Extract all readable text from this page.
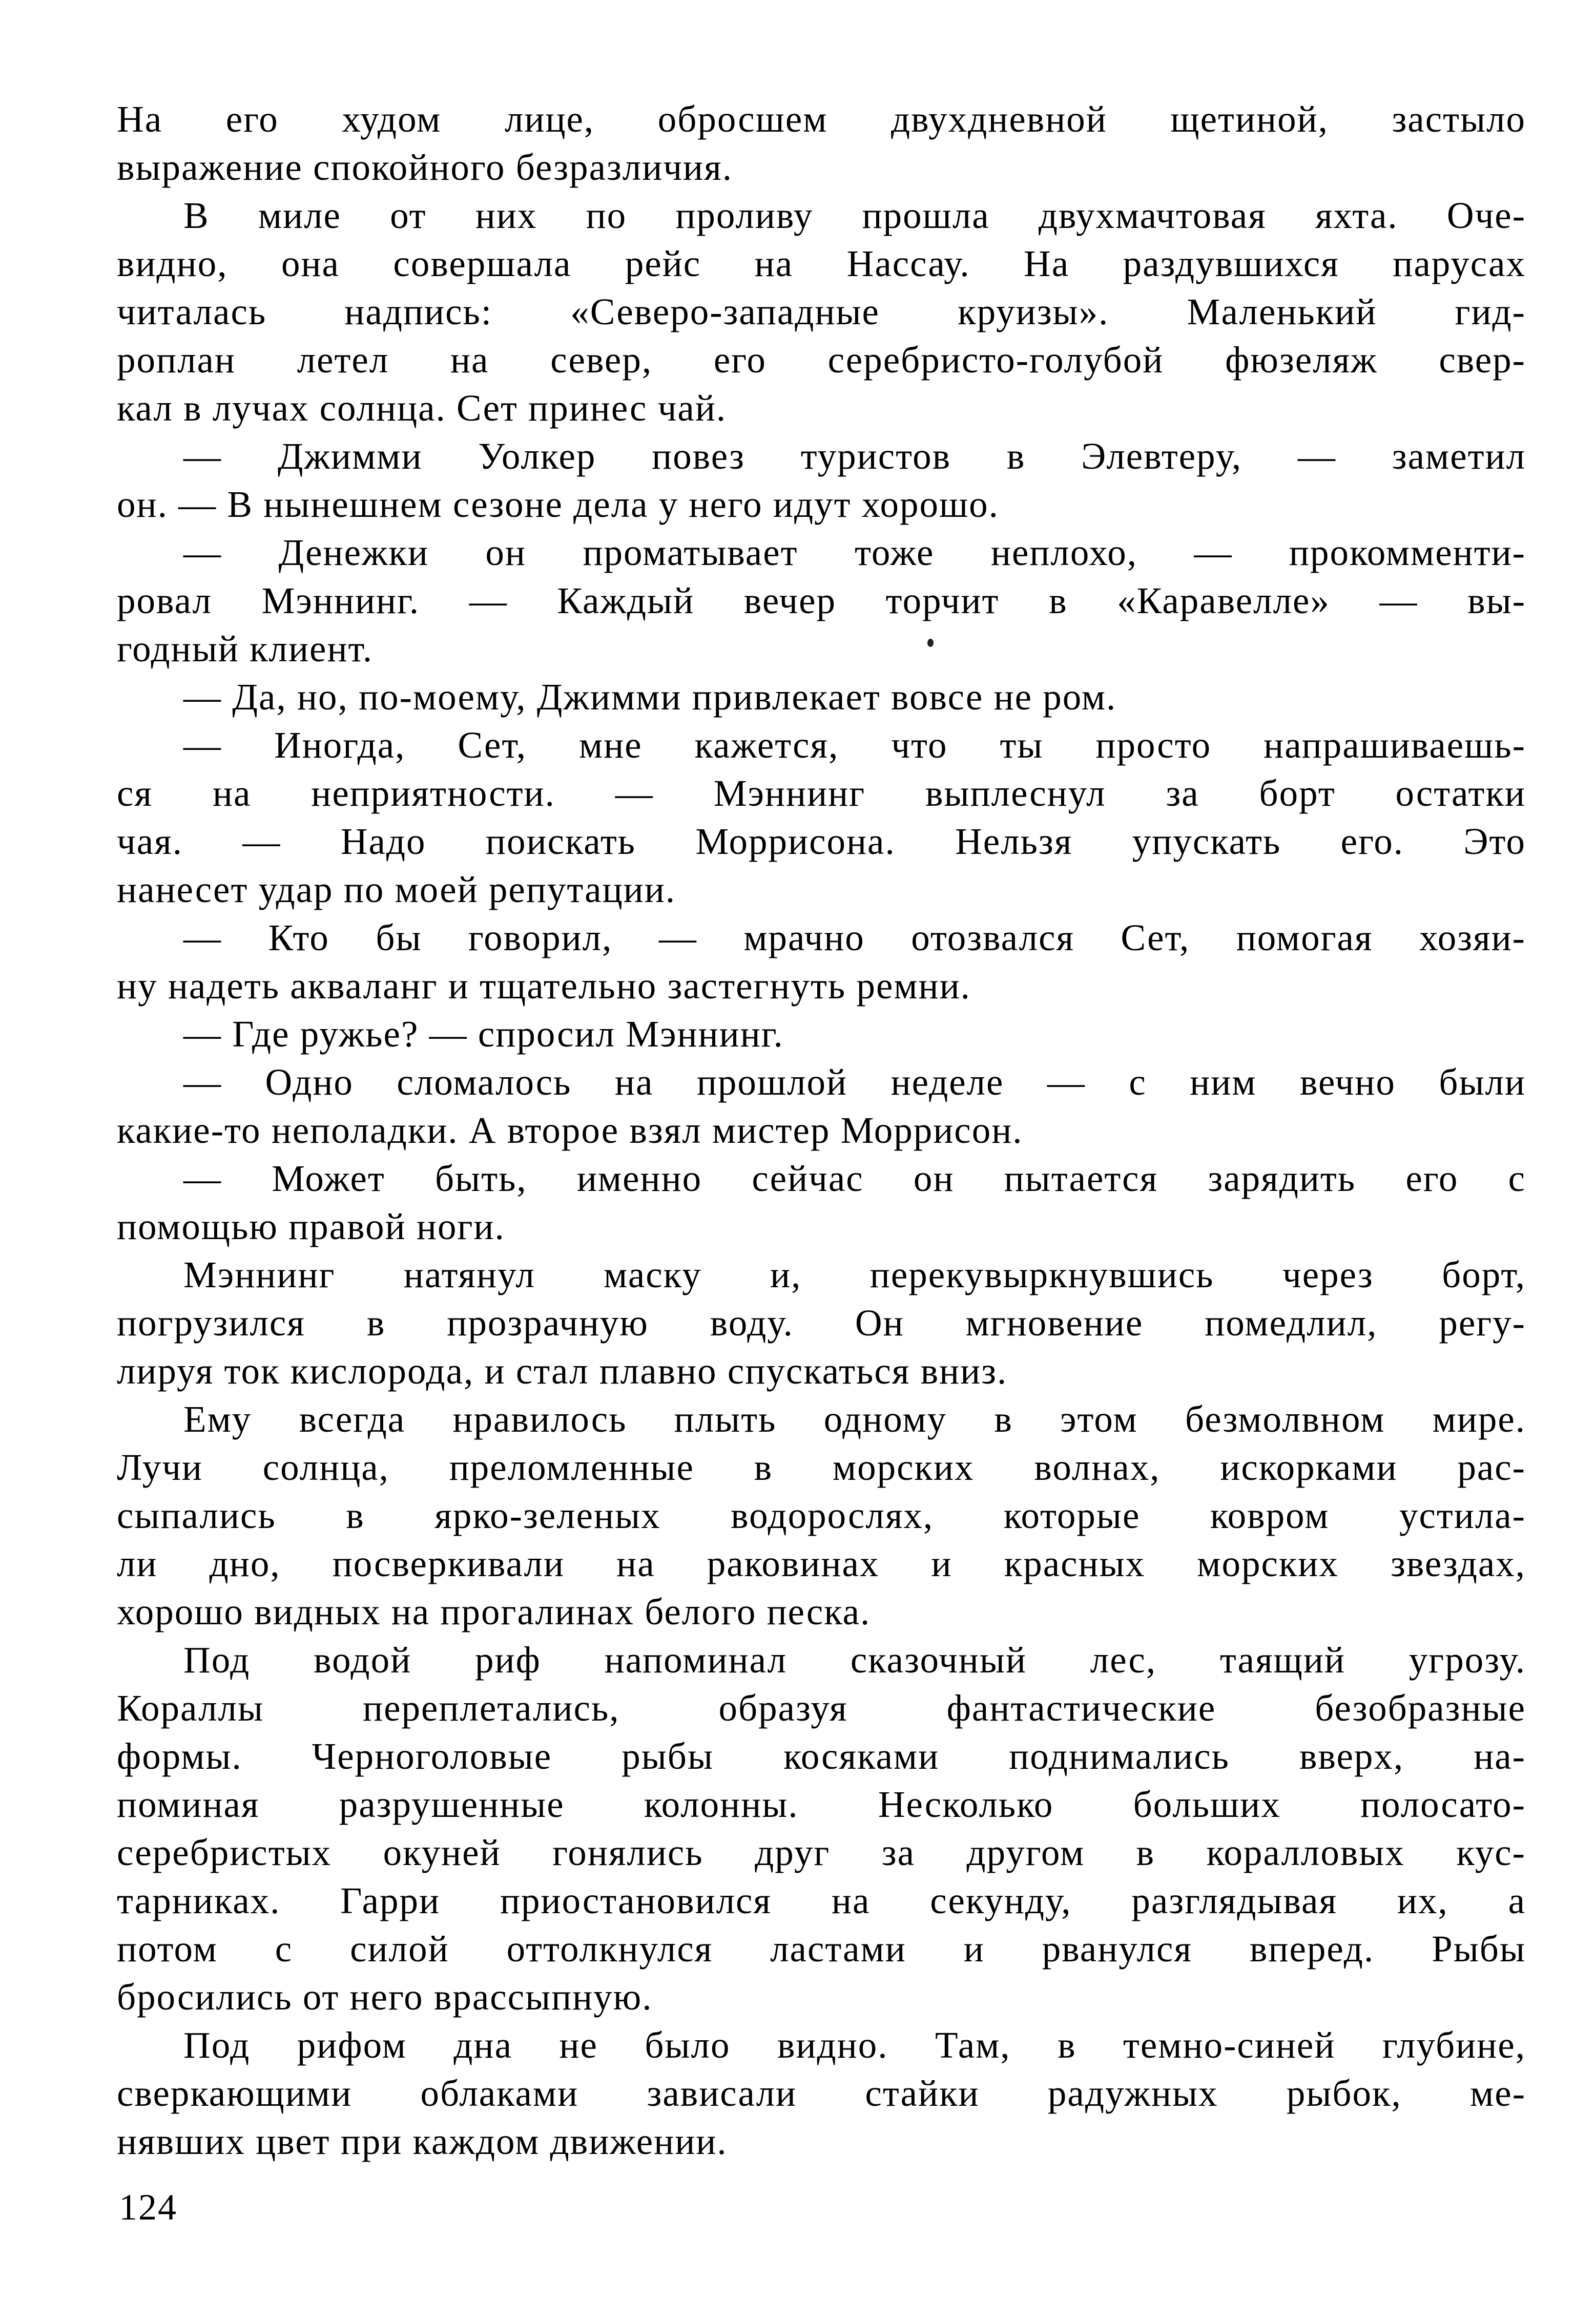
На его худом лице, обросшем двухдневной щетиной, застыло
выражение спокойного безразличия.
В миле от них по проливу прошла двухмачтовая яхта. Оче-
видно, она совершала рейс на Нассау. На раздувшихся парусах
читалась надпись: «Северо-западные круизы». Маленький гид-
роплан летел на север, его серебристо-голубой фюзеляж свер-
кал в лучах солнца. Сет принес чай.
— Джимми Уолкер повез туристов в Элевтеру, — заметил
он. — В нынешнем сезоне дела у него идут хорошо.
— Денежки он проматывает тоже неплохо, — прокомменти-
ровал Мэннинг. — Каждый вечер торчит в «Каравелле» — вы-
годный клиент.
— Да, но, по-моему, Джимми привлекает вовсе не ром.
— Иногда, Сет, мне кажется, что ты просто напрашиваешь-
ся на неприятности. — Мэннинг выплеснул за борт остатки
чая. — Надо поискать Моррисона. Нельзя упускать его. Это
нанесет удар по моей репутации.
— Кто бы говорил, — мрачно отозвался Сет, помогая хозяи-
ну надеть акваланг и тщательно застегнуть ремни.
— Где ружье? — спросил Мэннинг.
— Одно сломалось на прошлой неделе — с ним вечно были
какие-то неполадки. А второе взял мистер Моррисон.
— Может быть, именно сейчас он пытается зарядить его с
помощью правой ноги.
Мэннинг натянул маску и, перекувыркнувшись через борт,
погрузился в прозрачную воду. Он мгновение помедлил, регу-
лируя ток кислорода, и стал плавно спускаться вниз.
Ему всегда нравилось плыть одному в этом безмолвном мире.
Лучи солнца, преломленные в морских волнах, искорками рас-
сыпались в ярко-зеленых водорослях, которые ковром устила-
ли дно, посверкивали на раковинах и красных морских звездах,
хорошо видных на прогалинах белого песка.
Под водой риф напоминал сказочный лес, таящий угрозу.
Кораллы переплетались, образуя фантастические безобразные
формы. Черноголовые рыбы косяками поднимались вверх, на-
поминая разрушенные колонны. Несколько больших полосато-
серебристых окуней гонялись друг за другом в коралловых кус-
тарниках. Гарри приостановился на секунду, разглядывая их, а
потом с силой оттолкнулся ластами и рванулся вперед. Рыбы
бросились от него врассыпную.
Под рифом дна не было видно. Там, в темно-синей глубине,
сверкающими облаками зависали стайки радужных рыбок, ме-
нявших цвет при каждом движении.
124
